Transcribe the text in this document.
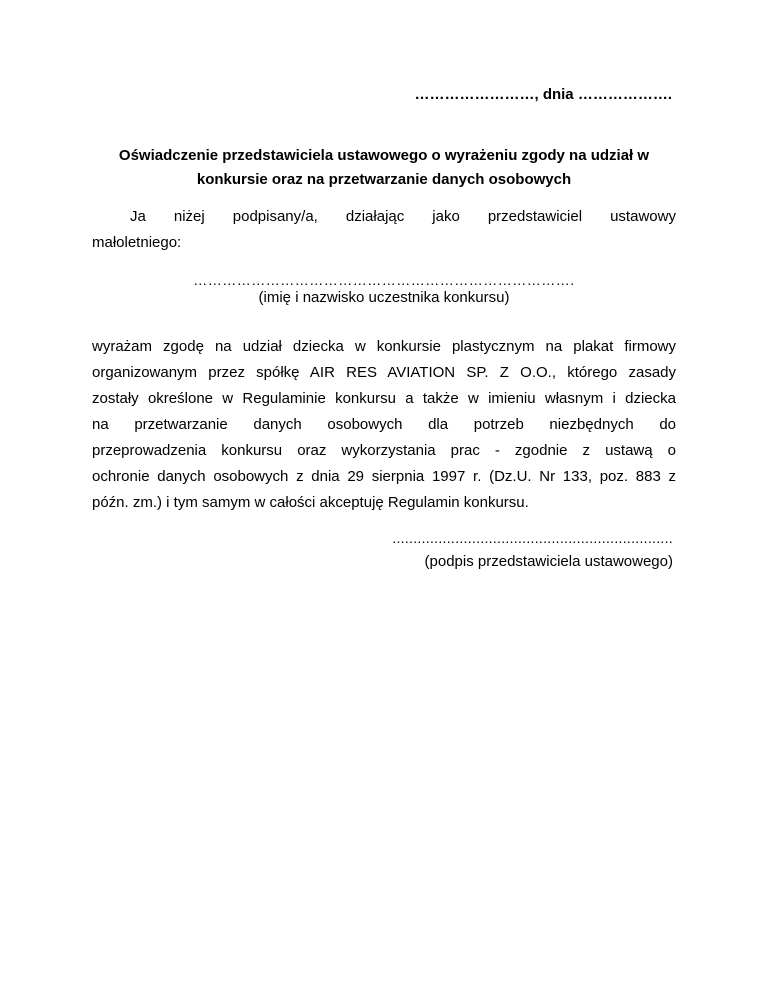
……………………, dnia ……………….
Oświadczenie przedstawiciela ustawowego o wyrażeniu zgody na udział w
konkursie oraz na przetwarzanie danych osobowych
Ja niżej podpisany/a, działając jako przedstawiciel ustawowy
małoletniego:
…………………………………………………………………….
(imię i nazwisko uczestnika konkursu)
wyrażam zgodę na udział dziecka w konkursie plastycznym na plakat firmowy
organizowanym przez spółkę AIR RES AVIATION SP. Z O.O., którego zasady
zostały określone w Regulaminie konkursu a także w imieniu własnym i dziecka
na przetwarzanie danych osobowych dla potrzeb niezbędnych do
przeprowadzenia konkursu oraz wykorzystania prac - zgodnie z ustawą o
ochronie danych osobowych z dnia 29 sierpnia 1997 r. (Dz.U. Nr 133, poz. 883 z
późn. zm.) i tym samym w całości akceptuję Regulamin konkursu.
...................................................................
(podpis przedstawiciela ustawowego)
